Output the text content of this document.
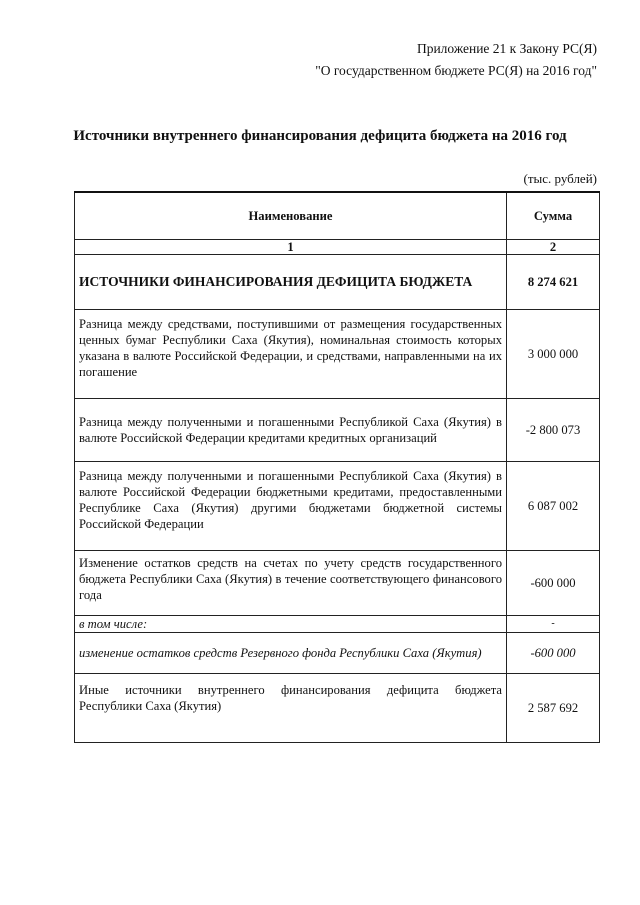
Приложение 21 к Закону РС(Я)
"О государственном бюджете РС(Я) на 2016 год"
Источники внутреннего финансирования дефицита бюджета на 2016 год
(тыс. рублей)
Наименование	Сумма
1	2
ИСТОЧНИКИ ФИНАНСИРОВАНИЯ ДЕФИЦИТА БЮДЖЕТА	8 274 621
Разница между средствами, поступившими от размещения государственных ценных бумаг Республики Саха (Якутия), номинальная стоимость которых указана в валюте Российской Федерации, и средствами, направленными на их погашение	3 000 000
Разница между полученными и погашенными Республикой Саха (Якутия) в валюте Российской Федерации кредитами кредитных организаций	-2 800 073
Разница между полученными и погашенными Республикой Саха (Якутия) в валюте Российской Федерации бюджетными кредитами, предоставленными Республике Саха (Якутия) другими бюджетами бюджетной системы Российской Федерации	6 087 002
Изменение остатков средств на счетах по учету средств государственного бюджета Республики Саха (Якутия) в течение соответствующего финансового года	-600 000
в том числе:	-
изменение остатков средств Резервного фонда Республики Саха (Якутия)	-600 000
Иные источники внутреннего финансирования дефицита бюджета Республики Саха (Якутия)	2 587 692
